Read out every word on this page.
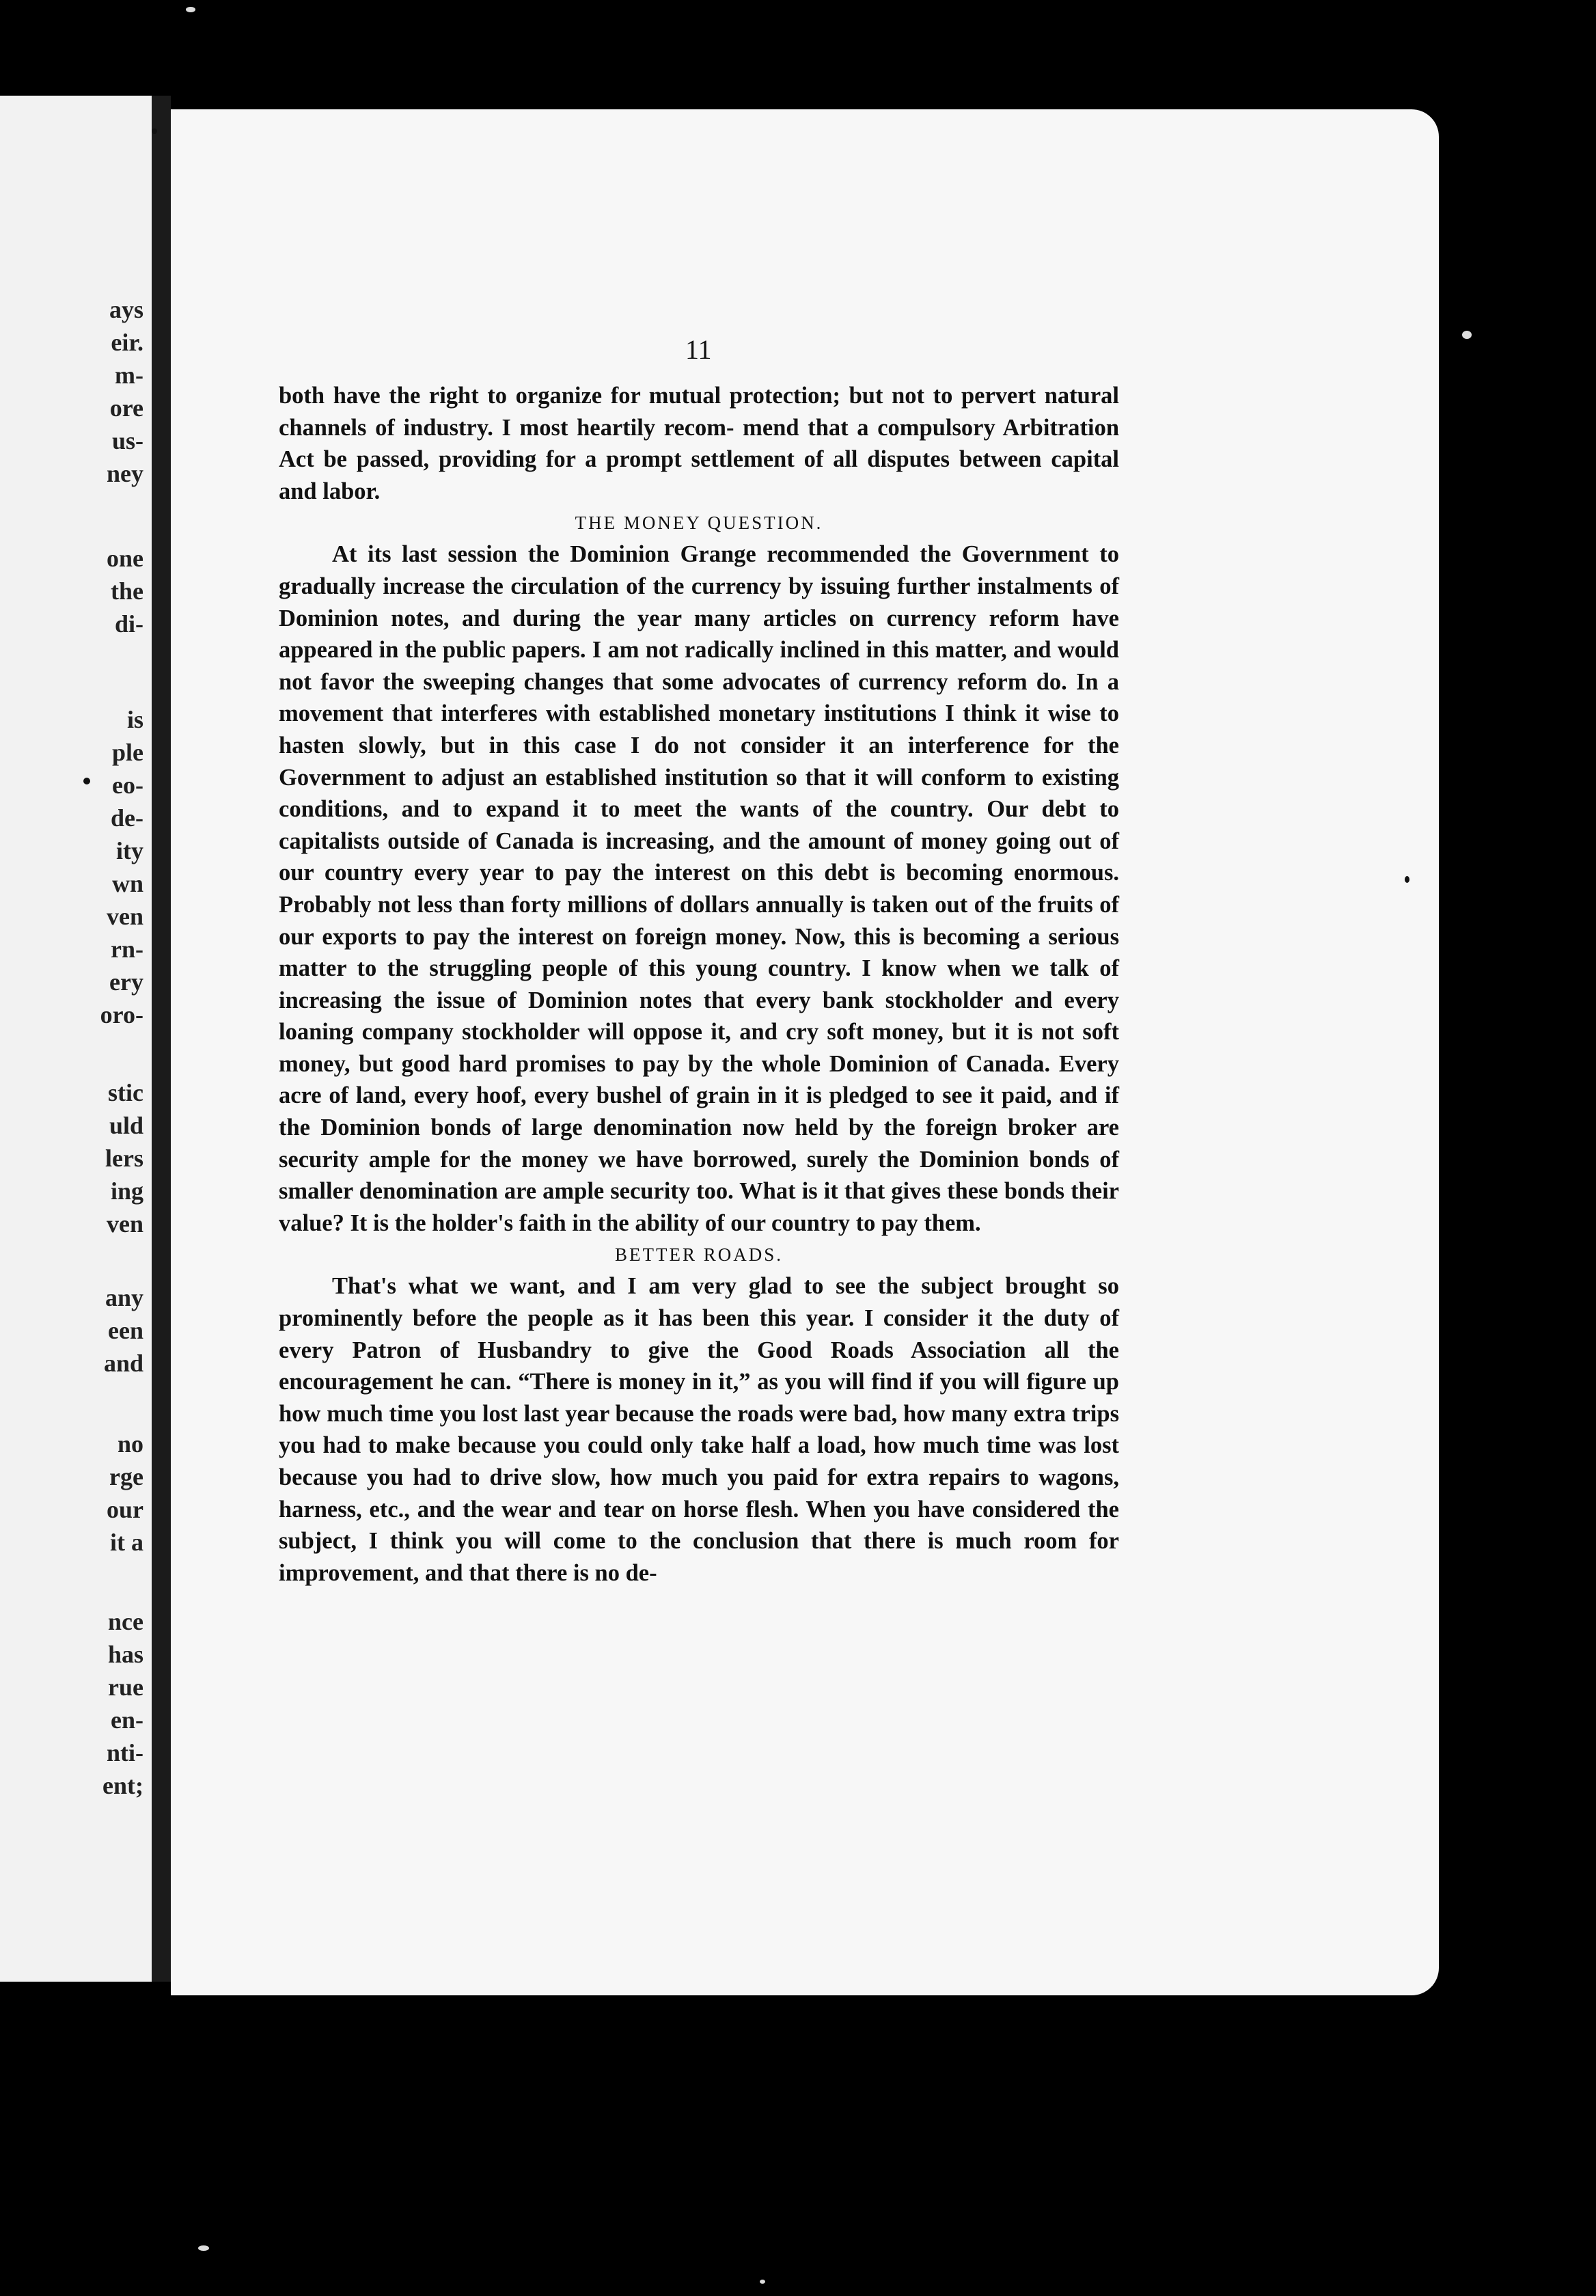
ays
eir.
m-
ore
us-
ney
one
the
di-
is
ple
eo-
de-
ity
wn
ven
rn-
ery
oro-
stic
uld
lers
ing
ven
any
een
and
no
rge
our
it a
nce
has
rue
en-
nti-
ent;
11

both have the right to organize for mutual protection; but not to pervert natural channels of industry. I most heartily recom- mend that a compulsory Arbitration Act be passed, providing for a prompt settlement of all disputes between capital and labor.

THE MONEY QUESTION.

At its last session the Dominion Grange recommended the Government to gradually increase the circulation of the currency by issuing further instalments of Dominion notes, and during the year many articles on currency reform have appeared in the public papers. I am not radically inclined in this matter, and would not favor the sweeping changes that some advocates of currency reform do. In a movement that interferes with established monetary institutions I think it wise to hasten slowly, but in this case I do not consider it an interference for the Government to adjust an established institution so that it will conform to existing conditions, and to expand it to meet the wants of the country. Our debt to capitalists outside of Canada is increasing, and the amount of money going out of our country every year to pay the interest on this debt is becoming enormous. Probably not less than forty millions of dollars annually is taken out of the fruits of our exports to pay the interest on foreign money. Now, this is becoming a serious matter to the struggling people of this young country. I know when we talk of increasing the issue of Dominion notes that every bank stockholder and every loaning company stockholder will oppose it, and cry soft money, but it is not soft money, but good hard promises to pay by the whole Dominion of Canada. Every acre of land, every hoof, every bushel of grain in it is pledged to see it paid, and if the Dominion bonds of large denomination now held by the foreign broker are security ample for the money we have borrowed, surely the Dominion bonds of smaller denomination are ample security too. What is it that gives these bonds their value? It is the holder's faith in the ability of our country to pay them.

BETTER ROADS.

That's what we want, and I am very glad to see the subject brought so prominently before the people as it has been this year. I consider it the duty of every Patron of Husbandry to give the Good Roads Association all the encouragement he can. “There is money in it,” as you will find if you will figure up how much time you lost last year because the roads were bad, how many extra trips you had to make because you could only take half a load, how much time was lost because you had to drive slow, how much you paid for extra repairs to wagons, harness, etc., and the wear and tear on horse flesh. When you have considered the subject, I think you will come to the conclusion that there is much room for improvement, and that there is no de-
